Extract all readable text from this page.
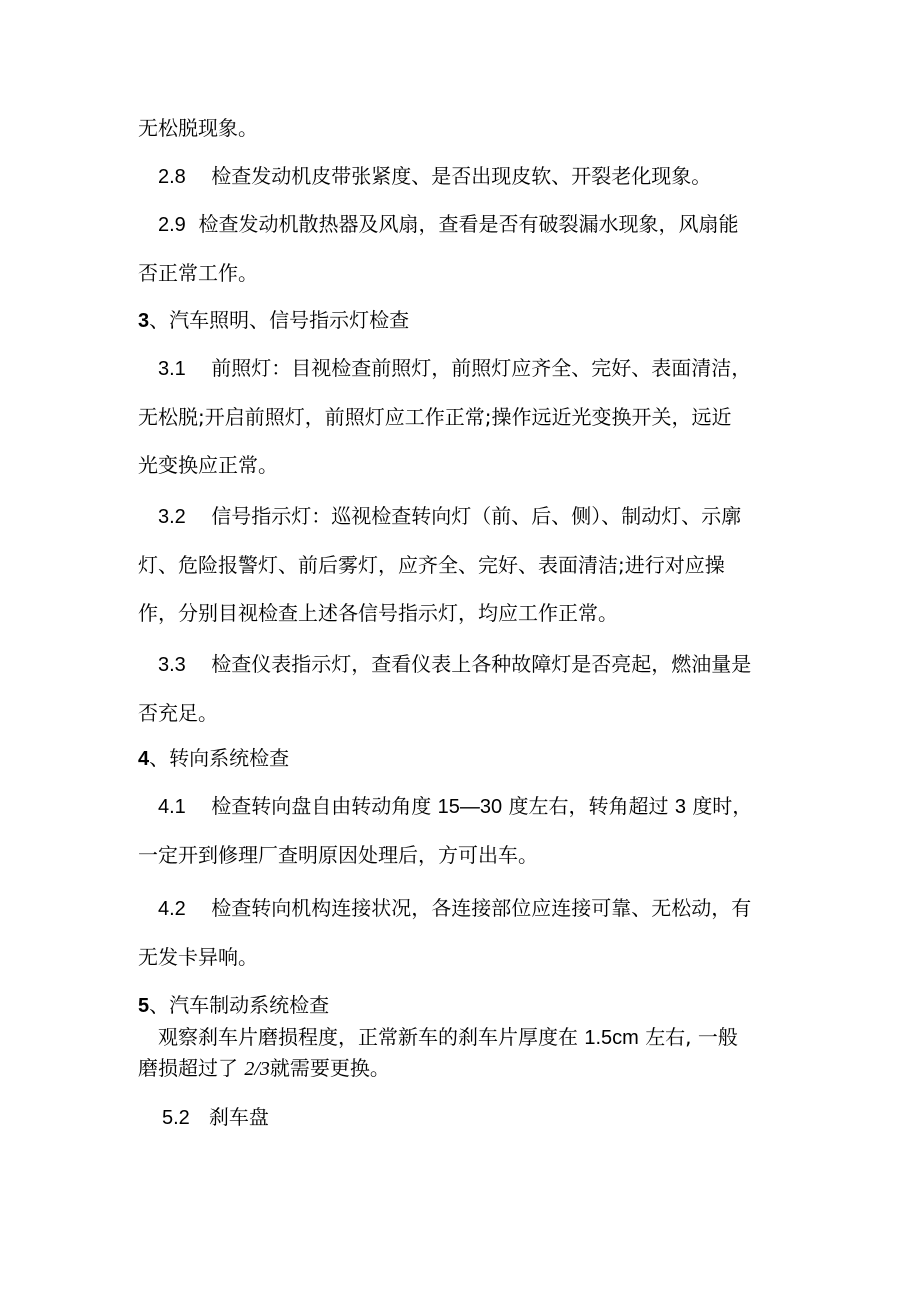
无松脱现象。

2.8 检查发动机皮带张紧度、是否出现皮软、开裂老化现象。

2.9 检查发动机散热器及风扇，查看是否有破裂漏水现象，风扇能
否正常工作。

3、汽车照明、信号指示灯检查

3.1 前照灯：目视检查前照灯，前照灯应齐全、完好、表面清洁，
无松脱;开启前照灯，前照灯应工作正常;操作远近光变换开关，远近
光变换应正常。

3.2 信号指示灯：巡视检查转向灯（前、后、侧）、制动灯、示廓
灯、危险报警灯、前后雾灯，应齐全、完好、表面清洁;进行对应操
作，分别目视检查上述各信号指示灯，均应工作正常。

3.3 检查仪表指示灯，查看仪表上各种故障灯是否亮起，燃油量是
否充足。

4、转向系统检查

4.1 检查转向盘自由转动角度 15—30 度左右，转角超过 3 度时，
一定开到修理厂查明原因处理后，方可出车。

4.2 检查转向机构连接状况，各连接部位应连接可靠、无松动，有
无发卡异响。

5、汽车制动系统检查

观察刹车片磨损程度，正常新车的刹车片厚度在 1.5cm 左右, 一般
磨损超过了 2/3就需要更换。

5.2 刹车盘
